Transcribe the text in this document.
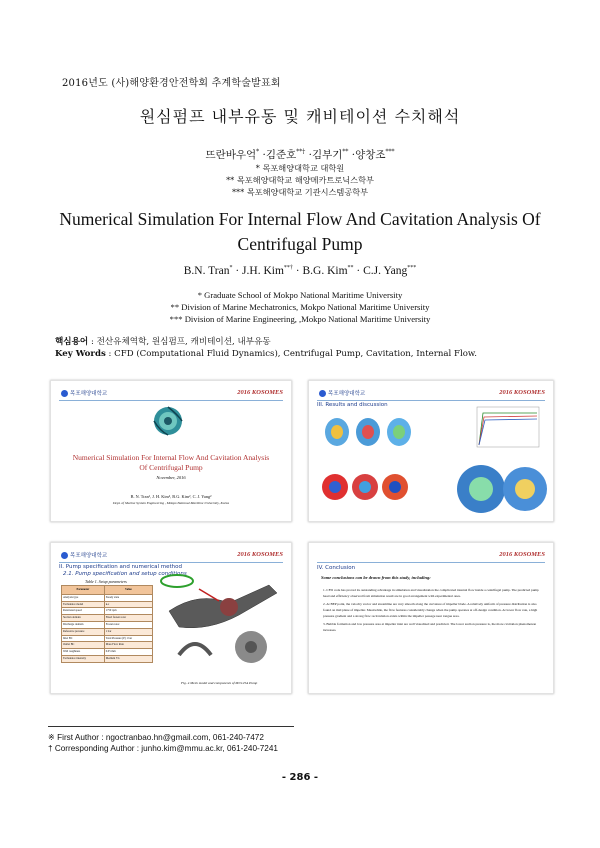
2016년도 (사)해양환경안전학회 추계학술발표회
원심펌프 내부유동 및 캐비테이션 수치해석
뜨란바우억* ·김준호**† ·김부기** ·양창조***
* 목포해양대학교 대학원
** 목포해양대학교 해양메카트로닉스학부
*** 목포해양대학교 기관시스템공학부
Numerical Simulation For Internal Flow And Cavitation Analysis Of
Centrifugal Pump
B.N. Tran* · J.H. Kim**† · B.G. Kim** · C.J. Yang***
* Graduate School of Mokpo National Maritime University
** Division of Marine Mechatronics, Mokpo National Maritime University
*** Division of Marine Engineering, ,Mokpo National Maritime University
핵심용어 : 전산유체역학, 원심펌프, 캐비테이션, 내부유동
Key Words : CFD (Computational Fluid Dynamics), Centrifugal Pump, Cavitation, Internal Flow.
목포해양대학교	2016 KOSOMES
Numerical Simulation For Internal Flow And Cavitation Analysis
Of Centrifugal Pump
November, 2016
B. N. Tran¹, J. H. Kim², B.G. Kim², C. J. Yang²
Dept. of Marine System Engineering , Mokpo National Maritime University, Korea
목포해양대학교	2016 KOSOMES
III. Results and discussion
목포해양대학교	2016 KOSOMES
II. Pump specification and numerical method
2.1. Pump specification and setup conditions
Table 1. Setup parameters
Parameter	Value
Analysis type	Steady state
Turbulence model	k-ε
Rotational speed	1750 rpm
Suction domain	Fixed frozen rotor
Discharge domain	Frozen rotor
Reference pressure	1 bar
Inlet BC	Total Pressure (P) 1 bar
Outlet BC	Mass Flow Rate
Wall roughness	0.05 mm
Turbulence intensity	Medium 5%
Fig. 4 Mesh model and components of MU125A Pump
2016 KOSOMES
IV. Conclusion
Some conclusions can be drawn from this study, including:
1. CFD code has proved its outstanding advantage in simulation and visualization the complicated internal flow inside a centrifugal pump. The predicted pump head and efficiency observed from simulation result are in good arrangement with experimental ones.
2. At BEP point, the velocity vector and streamline are very smooth along the curvature of impeller blade. A relatively uniform of pressure distribution is also found on mid plane of impeller. Meanwhile, the flow features considerably change when the pump operates at off-design condition. At lower flow rate, a high pressure gradient and a strong flow recirculation exists within the impeller passage near tongue area.
3. Bubble formation and low pressure area at impeller inlet are well visualized and predicted. The lower suction pressure is, the more cavitation phenomenon increases.
※ First Author : ngoctranbao.hn@gmail.com, 061-240-7472
† Corresponding Author : junho.kim@mmu.ac.kr, 061-240-7241
- 286 -
